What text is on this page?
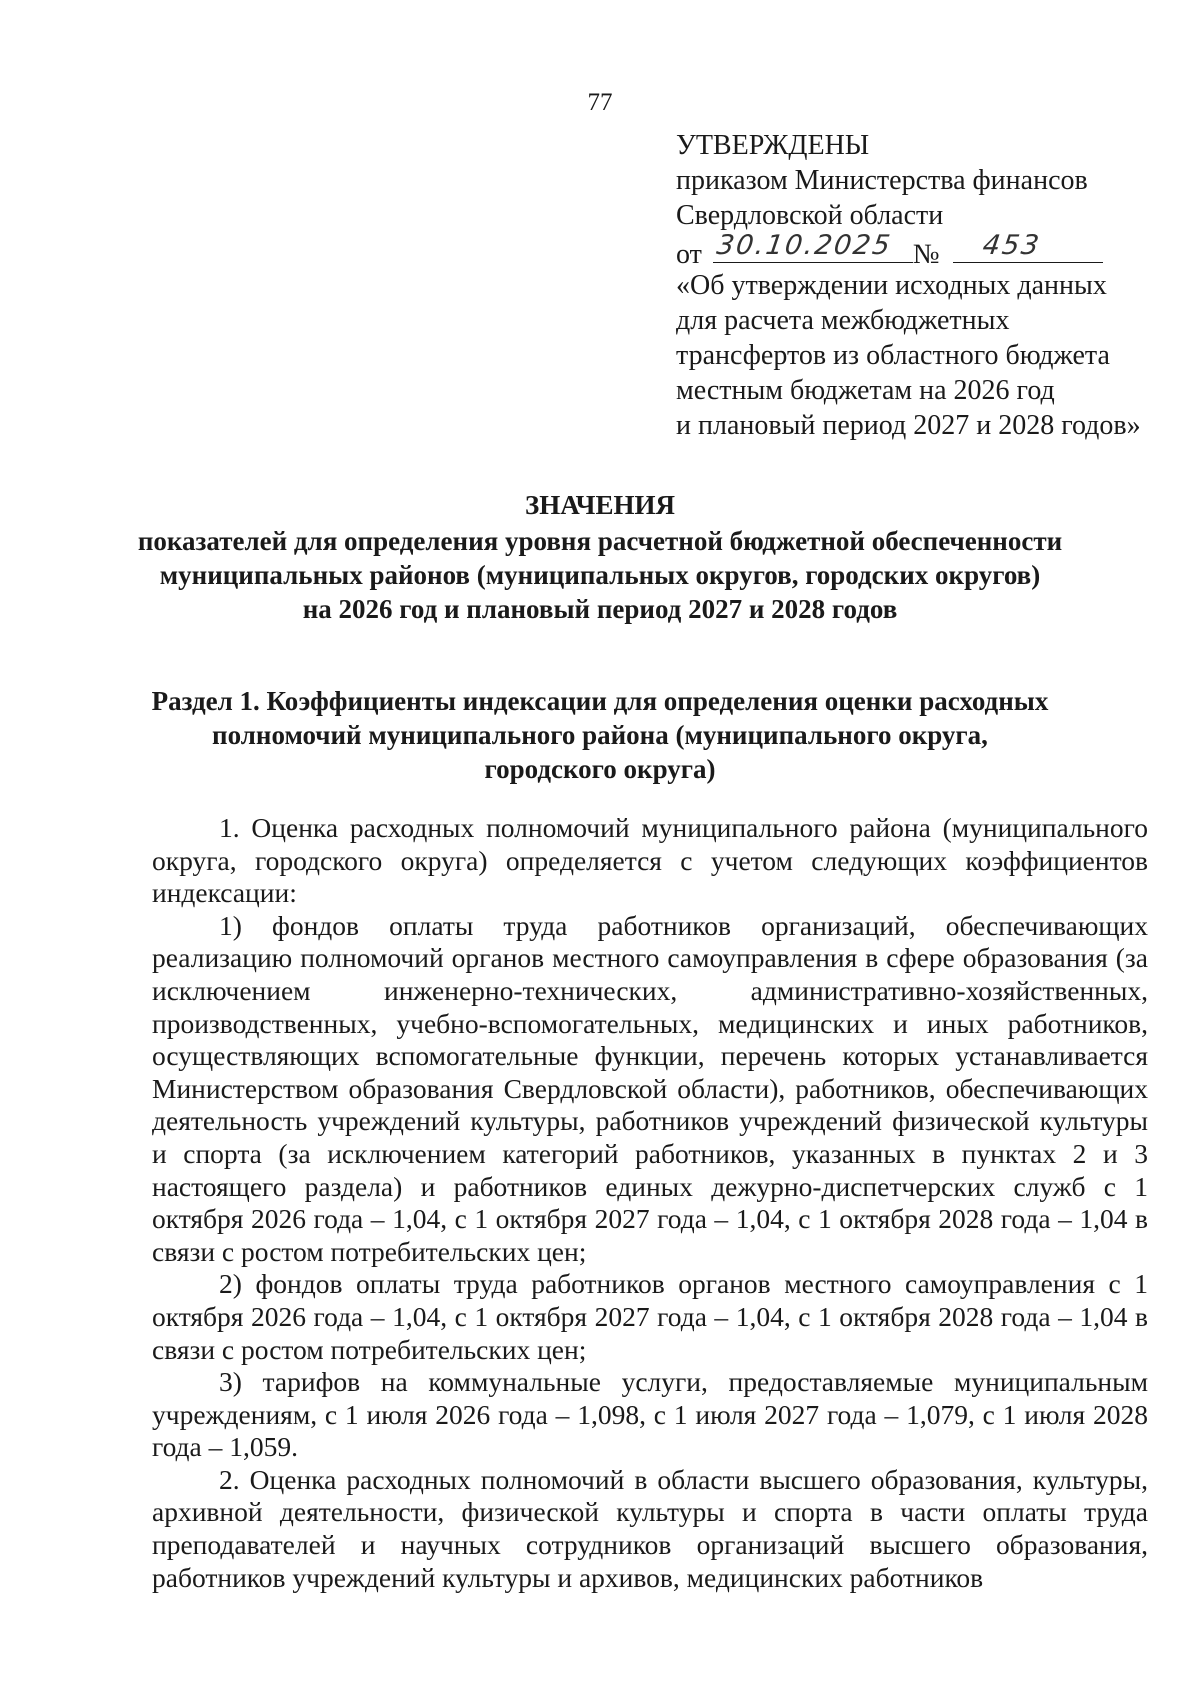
77
УТВЕРЖДЕНЫ
приказом Министерства финансов
Свердловской области
от 30.10.2025 № 453
«Об утверждении исходных данных
для расчета межбюджетных
трансфертов из областного бюджета
местным бюджетам на 2026 год
и плановый период 2027 и 2028 годов»
ЗНАЧЕНИЯ
показателей для определения уровня расчетной бюджетной обеспеченности
муниципальных районов (муниципальных округов, городских округов)
на 2026 год и плановый период 2027 и 2028 годов
Раздел 1. Коэффициенты индексации для определения оценки расходных
полномочий муниципального района (муниципального округа,
городского округа)

1. Оценка расходных полномочий муниципального района (муниципального округа, городского округа) определяется с учетом следующих коэффициентов индексации:

1) фондов оплаты труда работников организаций, обеспечивающих реализацию полномочий органов местного самоуправления в сфере образования (за исключением инженерно-технических, административно-хозяйственных, производственных, учебно-вспомогательных, медицинских и иных работников, осуществляющих вспомогательные функции, перечень которых устанавливается Министерством образования Свердловской области), работников, обеспечивающих деятельность учреждений культуры, работников учреждений физической культуры и спорта (за исключением категорий работников, указанных в пунктах 2 и 3 настоящего раздела) и работников единых дежурно-диспетчерских служб с 1 октября 2026 года – 1,04, с 1 октября 2027 года – 1,04, с 1 октября 2028 года – 1,04 в связи с ростом потребительских цен;

2) фондов оплаты труда работников органов местного самоуправления с 1 октября 2026 года – 1,04, с 1 октября 2027 года – 1,04, с 1 октября 2028 года – 1,04 в связи с ростом потребительских цен;

3) тарифов на коммунальные услуги, предоставляемые муниципальным учреждениям, с 1 июля 2026 года – 1,098, с 1 июля 2027 года – 1,079, с 1 июля 2028 года – 1,059.

2. Оценка расходных полномочий в области высшего образования, культуры, архивной деятельности, физической культуры и спорта в части оплаты труда преподавателей и научных сотрудников организаций высшего образования, работников учреждений культуры и архивов, медицинских работников
